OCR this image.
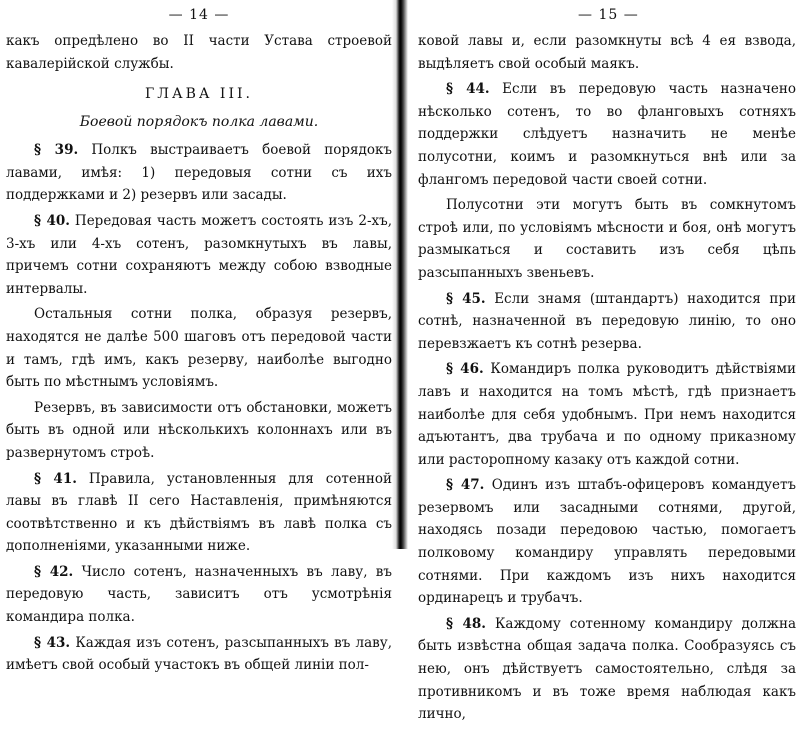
— 14 —

какъ опредѣлено во II части Устава строевой кавалерійской службы.

ГЛАВА III.
Боевой порядокъ полка лавами.

§ 39. Полкъ выстраиваетъ боевой порядокъ лавами, имѣя: 1) передовыя сотни съ ихъ поддержками и 2) резервъ или засады.

§ 40. Передовая часть можетъ состоять изъ 2-хъ, 3-хъ или 4-хъ сотенъ, разомкнутыхъ въ лавы, причемъ сотни сохраняютъ между собою взводные интервалы.

Остальныя сотни полка, образуя резервъ, находятся не далѣе 500 шаговъ отъ передовой части и тамъ, гдѣ имъ, какъ резерву, наиболѣе выгодно быть по мѣстнымъ условіямъ.

Резервъ, въ зависимости отъ обстановки, можетъ быть въ одной или нѣсколькихъ колоннахъ или въ развернутомъ строѣ.

§ 41. Правила, установленныя для сотенной лавы въ главѣ II сего Наставленія, примѣняются соотвѣтственно и къ дѣйствіямъ въ лавѣ полка съ дополненіями, указанными ниже.

§ 42. Число сотенъ, назначенныхъ въ лаву, въ передовую часть, зависитъ отъ усмотрѣнія командира полка.

§ 43. Каждая изъ сотенъ, разсыпанныхъ въ лаву, имѣетъ свой особый участокъ въ общей линіи пол-

— 15 —

ковой лавы и, если разомкнуты всѣ 4 ея взвода, выдѣляетъ свой особый маякъ.

§ 44. Если въ передовую часть назначено нѣсколько сотенъ, то во фланговыхъ сотняхъ поддержки слѣдуетъ назначить не менѣе полусотни, коимъ и разомкнуться внѣ или за флангомъ передовой части своей сотни.

Полусотни эти могутъ быть въ сомкнутомъ строѣ или, по условіямъ мѣсности и боя, онѣ могутъ размыкаться и составить изъ себя цѣпь разсыпанныхъ звеньевъ.

§ 45. Если знамя (штандартъ) находится при сотнѣ, назначенной въ передовую линію, то оно перевзжаетъ къ сотнѣ резерва.

§ 46. Командиръ полка руководитъ дѣйствіями лавъ и находится на томъ мѣстѣ, гдѣ признаетъ наиболѣе для себя удобнымъ. При немъ находится адъютантъ, два трубача и по одному приказному или расторопному казаку отъ каждой сотни.

§ 47. Одинъ изъ штабъ-офицеровъ командуетъ резервомъ или засадными сотнями, другой, находясь позади передовою частью, помогаетъ полковому командиру управлять передовыми сотнями. При каждомъ изъ нихъ находится ординарецъ и трубачъ.

§ 48. Каждому сотенному командиру должна быть извѣстна общая задача полка. Сообразуясь съ нею, онъ дѣйствуетъ самостоятельно, слѣдя за противникомъ и въ тоже время наблюдая какъ лично,
